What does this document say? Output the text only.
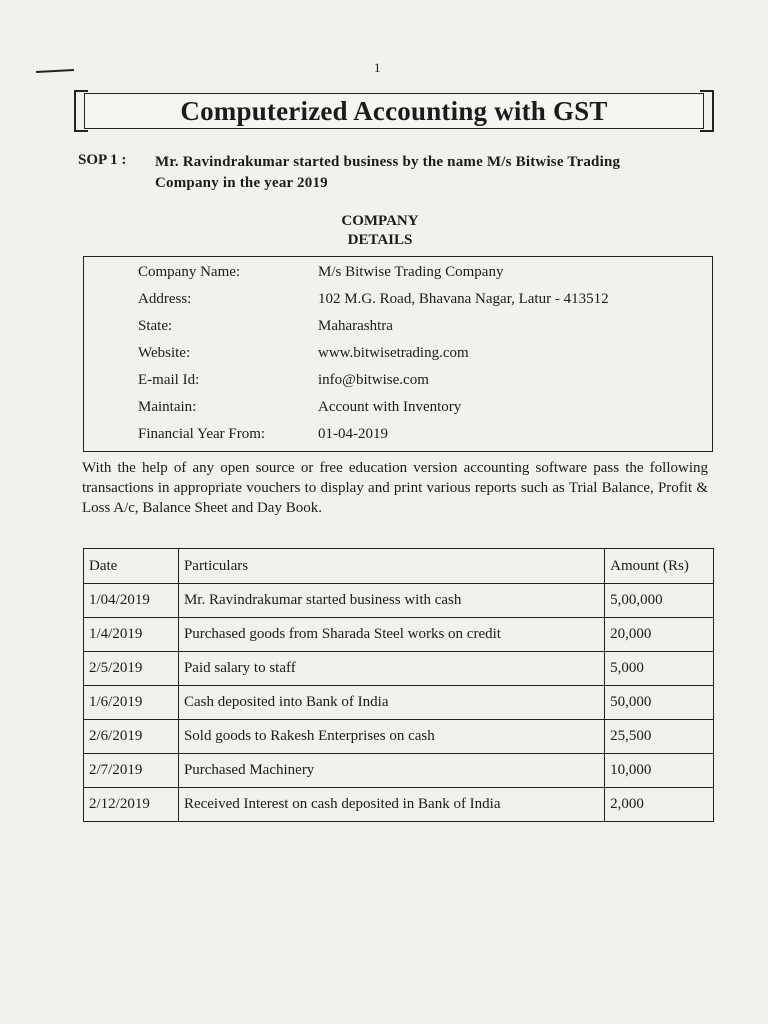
1
Computerized Accounting with GST
SOP 1 : Mr. Ravindrakumar started business by the name M/s Bitwise Trading Company in the year 2019
COMPANY
DETAILS
Company Name:	M/s Bitwise Trading Company
Address:	102 M.G. Road, Bhavana Nagar, Latur - 413512
State:	Maharashtra
Website:	www.bitwisetrading.com
E-mail Id:	info@bitwise.com
Maintain:	Account with Inventory
Financial Year From:	01-04-2019
With the help of any open source or free education version accounting software pass the following transactions in appropriate vouchers to display and print various reports such as Trial Balance, Profit & Loss A/c, Balance Sheet and Day Book.
Date	Particulars	Amount (Rs)
1/04/2019	Mr. Ravindrakumar started business with cash	5,00,000
1/4/2019	Purchased goods from Sharada Steel works on credit	20,000
2/5/2019	Paid salary to staff	5,000
1/6/2019	Cash deposited into Bank of India	50,000
2/6/2019	Sold goods to Rakesh Enterprises on cash	25,500
2/7/2019	Purchased Machinery	10,000
2/12/2019	Received Interest on cash deposited in Bank of India	2,000
